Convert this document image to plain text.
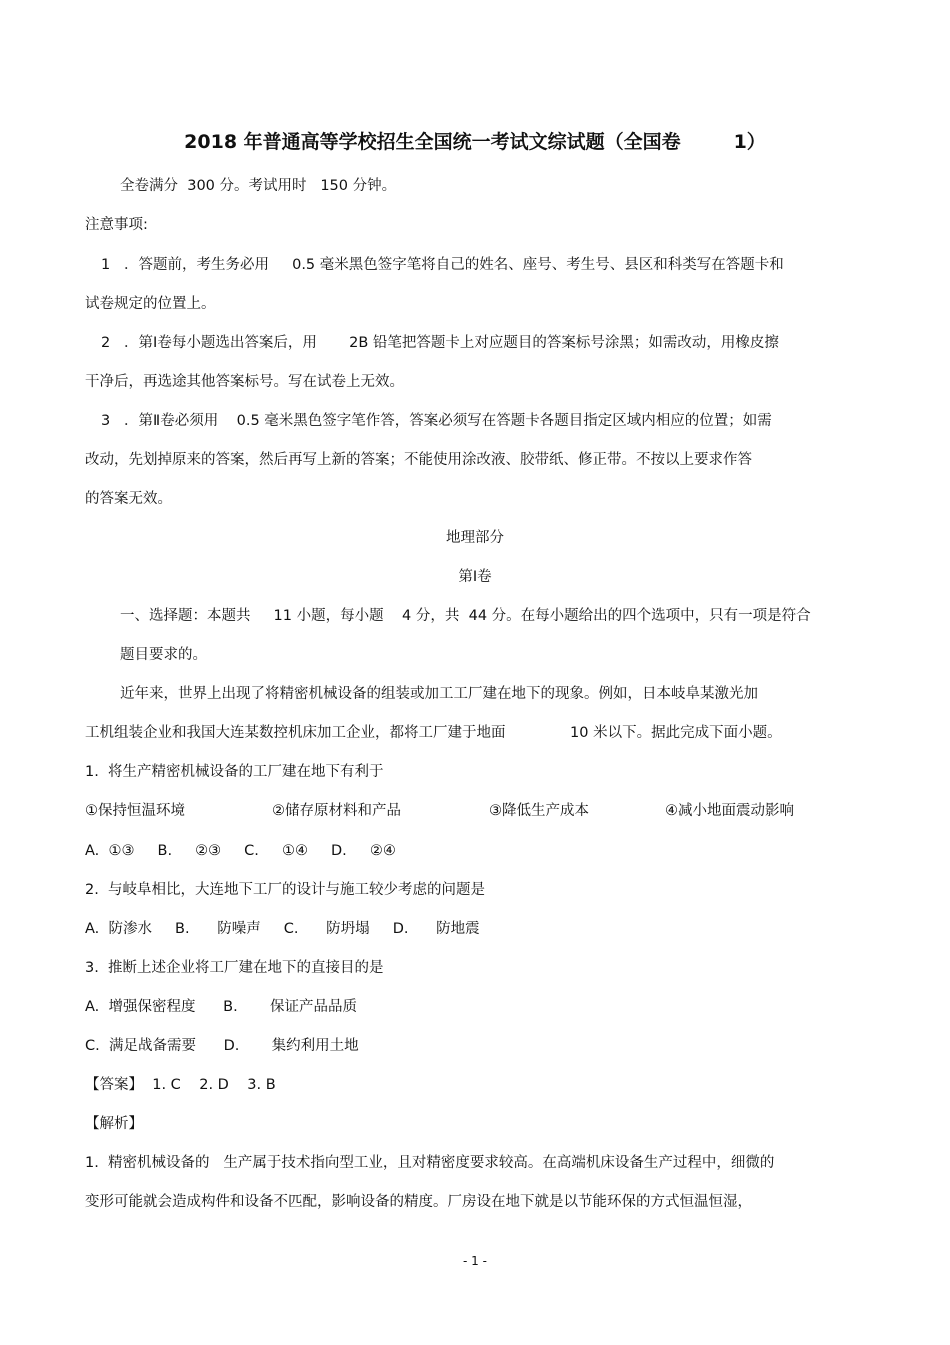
2018 年普通高等学校招生全国统一考试文综试题（全国卷        1）

全卷满分  300 分。考试用时   150 分钟。

注意事项:

1   ．答题前，考生务必用     0.5 毫米黑色签字笔将自己的姓名、座号、考生号、县区和科类写在答题卡和

试卷规定的位置上。

2   ．第Ⅰ卷每小题选出答案后，用       2B 铅笔把答题卡上对应题目的答案标号涂黑；如需改动，用橡皮擦

干净后，再选途其他答案标号。写在试卷上无效。

3   ．第Ⅱ卷必须用    0.5 毫米黑色签字笔作答，答案必须写在答题卡各题目指定区域内相应的位置；如需

改动，先划掉原来的答案，然后再写上新的答案；不能使用涂改液、胶带纸、修正带。不按以上要求作答

的答案无效。

地理部分

第Ⅰ卷

一、选择题：本题共     11 小题，每小题    4 分，共  44 分。在每小题给出的四个选项中，只有一项是符合

题目要求的。

近年来，世界上出现了将精密机械设备的组装或加工工厂建在地下的现象。例如，日本岐阜某激光加

工机组装企业和我国大连某数控机床加工企业，都将工厂建于地面              10 米以下。据此完成下面小题。

1.  将生产精密机械设备的工厂建在地下有利于

①保持恒温环境	②储存原材料和产品	③降低生产成本	④减小地面震动影响

A.  ①③     B.     ②③     C.     ①④     D.     ②④

2.  与岐阜相比，大连地下工厂的设计与施工较少考虑的问题是

A.  防渗水     B.      防噪声     C.      防坍塌     D.      防地震

3.  推断上述企业将工厂建在地下的直接目的是

A.  增强保密程度      B.       保证产品品质

C.  满足战备需要      D.       集约利用土地

【答案】  1. C    2. D    3. B

【解析】

1.  精密机械设备的   生产属于技术指向型工业，且对精密度要求较高。在高端机床设备生产过程中，细微的

变形可能就会造成构件和设备不匹配，影响设备的精度。厂房设在地下就是以节能环保的方式恒温恒湿，

- 1 -
